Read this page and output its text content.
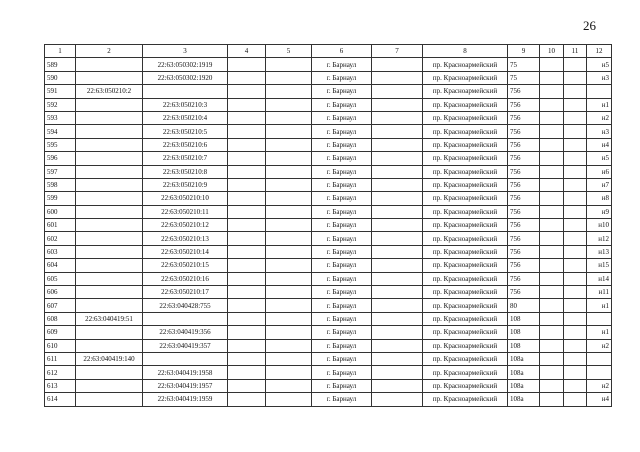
26
1	2	3	4	5	6	7	8	9	10	11	12
589		22:63:050302:1919			г. Барнаул		пр. Красноармейский	75			н5
590		22:63:050302:1920			г. Барнаул		пр. Красноармейский	75			н3
591	22:63:050210:2				г. Барнаул		пр. Красноармейский	756			
592		22:63:050210:3			г. Барнаул		пр. Красноармейский	756			н1
593		22:63:050210:4			г. Барнаул		пр. Красноармейский	756			н2
594		22:63:050210:5			г. Барнаул		пр. Красноармейский	756			н3
595		22:63:050210:6			г. Барнаул		пр. Красноармейский	756			н4
596		22:63:050210:7			г. Барнаул		пр. Красноармейский	756			н5
597		22:63:050210:8			г. Барнаул		пр. Красноармейский	756			н6
598		22:63:050210:9			г. Барнаул		пр. Красноармейский	756			н7
599		22:63:050210:10			г. Барнаул		пр. Красноармейский	756			н8
600		22:63:050210:11			г. Барнаул		пр. Красноармейский	756			н9
601		22:63:050210:12			г. Барнаул		пр. Красноармейский	756			н10
602		22:63:050210:13			г. Барнаул		пр. Красноармейский	756			н12
603		22:63:050210:14			г. Барнаул		пр. Красноармейский	756			н13
604		22:63:050210:15			г. Барнаул		пр. Красноармейский	756			н15
605		22:63:050210:16			г. Барнаул		пр. Красноармейский	756			н14
606		22:63:050210:17			г. Барнаул		пр. Красноармейский	756			н11
607		22:63:040428:755			г. Барнаул		пр. Красноармейский	80			н1
608	22:63:040419:51				г. Барнаул		пр. Красноармейский	108			
609		22:63:040419:356			г. Барнаул		пр. Красноармейский	108			н1
610		22:63:040419:357			г. Барнаул		пр. Красноармейский	108			н2
611	22:63:040419:140				г. Барнаул		пр. Красноармейский	108а			
612		22:63:040419:1958			г. Барнаул		пр. Красноармейский	108а			
613		22:63:040419:1957			г. Барнаул		пр. Красноармейский	108а			н2
614		22:63:040419:1959			г. Барнаул		пр. Красноармейский	108а			н4
